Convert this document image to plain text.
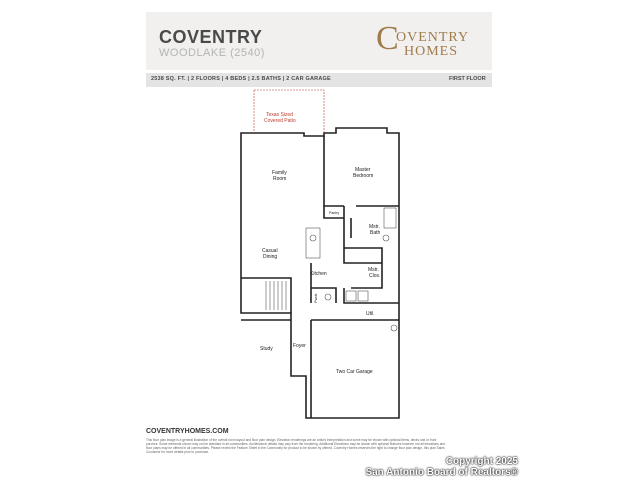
COVENTRY
WOODLAKE (2540)	C
OVENTRY
HOMES
2538 SQ. FT. | 2 FLOORS | 4 BEDS | 2.5 BATHS | 2 CAR GARAGE	FIRST FLOOR
Texas Sized
Covered Patio
Family
Room
Master
Bedroom
Pantry
Mstr.
Bath
Casual
Dining
Mstr.
Clos.
Kitchen
Pwdr.
Util.
Study	Foyer
Two Car Garage
COVENTRYHOMES.COM
This floor plan image is a general illustration of the overall room layout and floor plan design. Elevation renderings are an artist's interpretation and some may be shown with optional items, decks and or front porches. Some elements shown may not be standard in all communities. Architectural details may vary from the rendering. Additional Elevations may be shown with optional features however not all elevations and floor plans may be offered in all communities. Please review the Feature Sheet in the Community for product to be shown by offered. Coventry Homes reserves the right to change floor plan design, this plan Sales Counselor for more details prior to purchase.
Copyright 2025
San Antonio Board of Realtors®
